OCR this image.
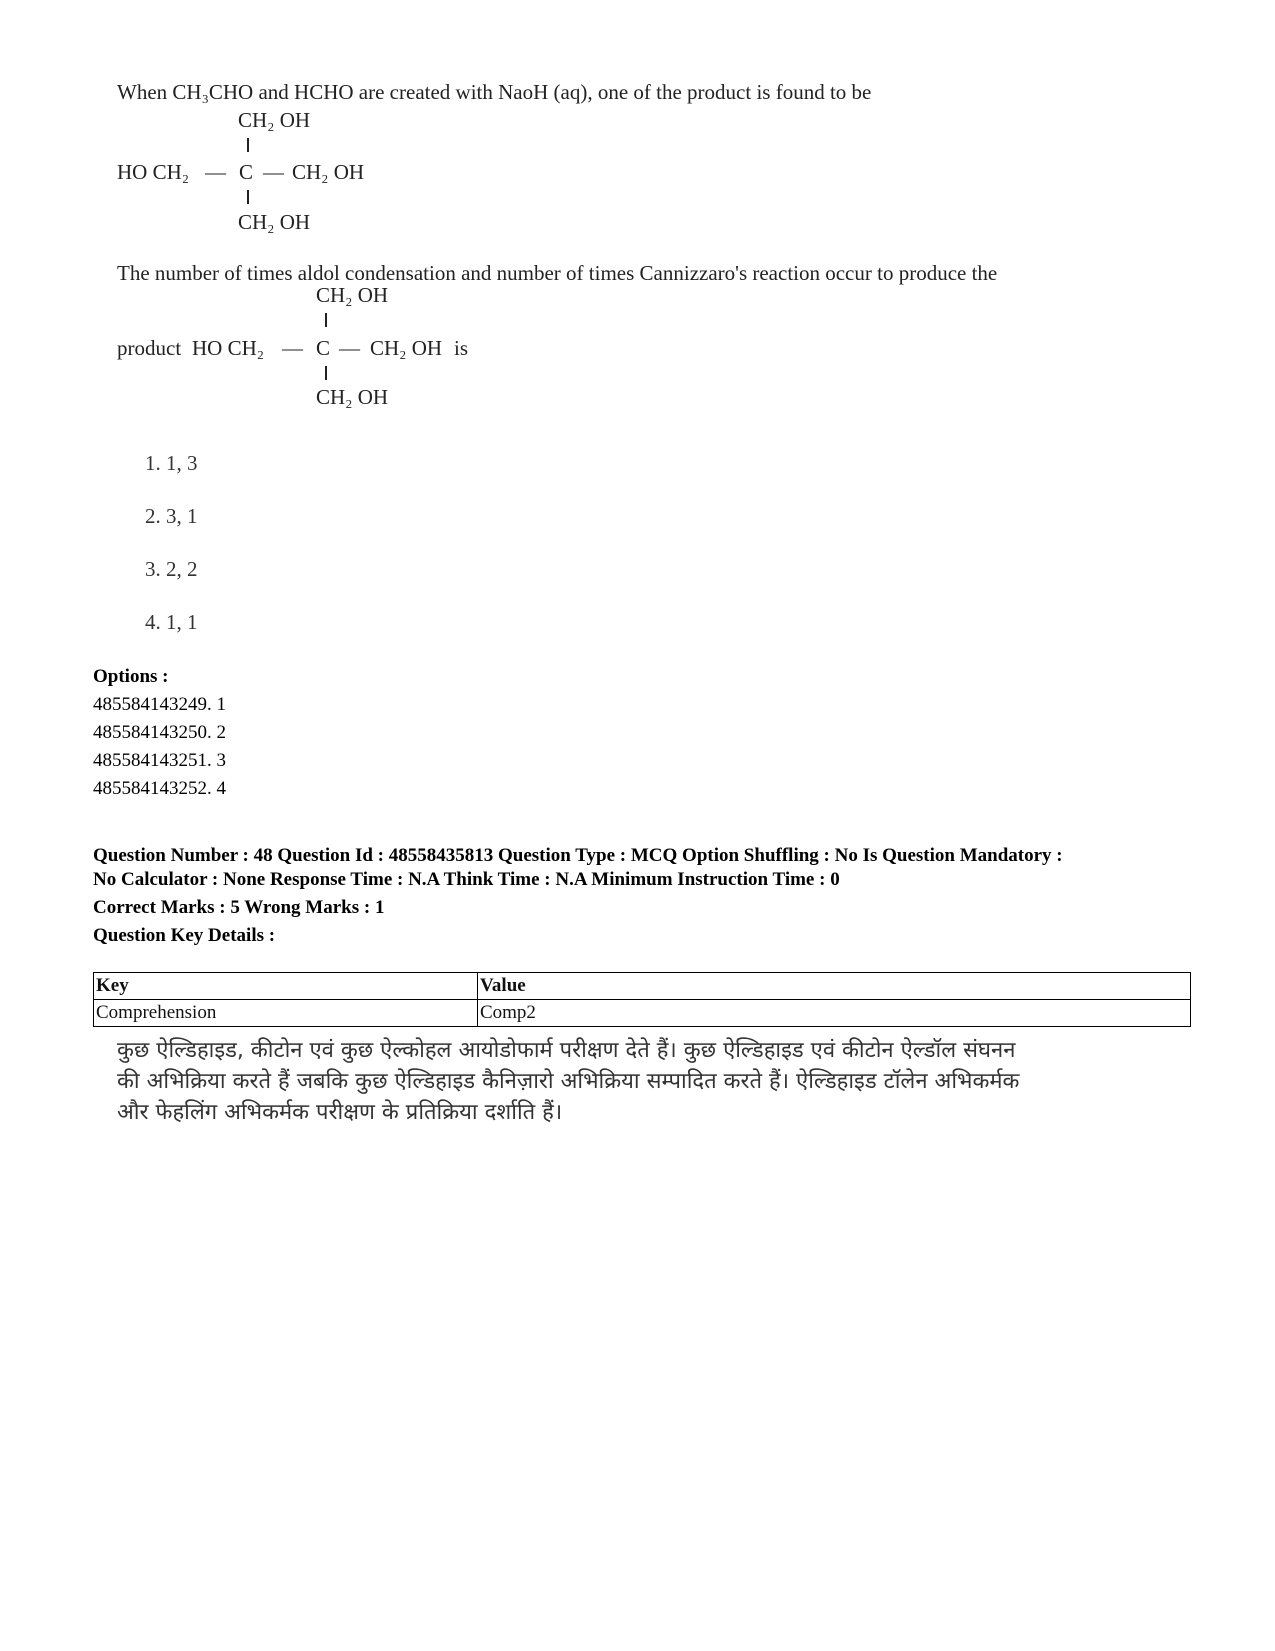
When CH₃CHO and HCHO are created with NaoH (aq), one of the product is found to be
CH₂ OH
HO CH₂ — C — CH₂ OH
CH₂ OH
The number of times aldol condensation and number of times Cannizzaro's reaction occur to produce the
CH₂ OH
product HO CH₂ — C — CH₂ OH is
CH₂ OH
1. 1, 3
2. 3, 1
3. 2, 2
4. 1, 1
Options :
485584143249. 1
485584143250. 2
485584143251. 3
485584143252. 4
Question Number : 48 Question Id : 48558435813 Question Type : MCQ Option Shuffling : No Is Question Mandatory :
No Calculator : None Response Time : N.A Think Time : N.A Minimum Instruction Time : 0
Correct Marks : 5 Wrong Marks : 1
Question Key Details :
Key	Value
Comprehension	Comp2
कुछ ऐल्डिहाइड, कीटोन एवं कुछ ऐल्कोहल आयोडोफार्म परीक्षण देते हैं। कुछ ऐल्डिहाइड एवं कीटोन ऐल्डॉल संघनन
की अभिक्रिया करते हैं जबकि कुछ ऐल्डिहाइड कैनिज़ारो अभिक्रिया सम्पादित करते हैं। ऐल्डिहाइड टॉलेन अभिकर्मक
और फेहलिंग अभिकर्मक परीक्षण के प्रतिक्रिया दर्शाति हैं।
